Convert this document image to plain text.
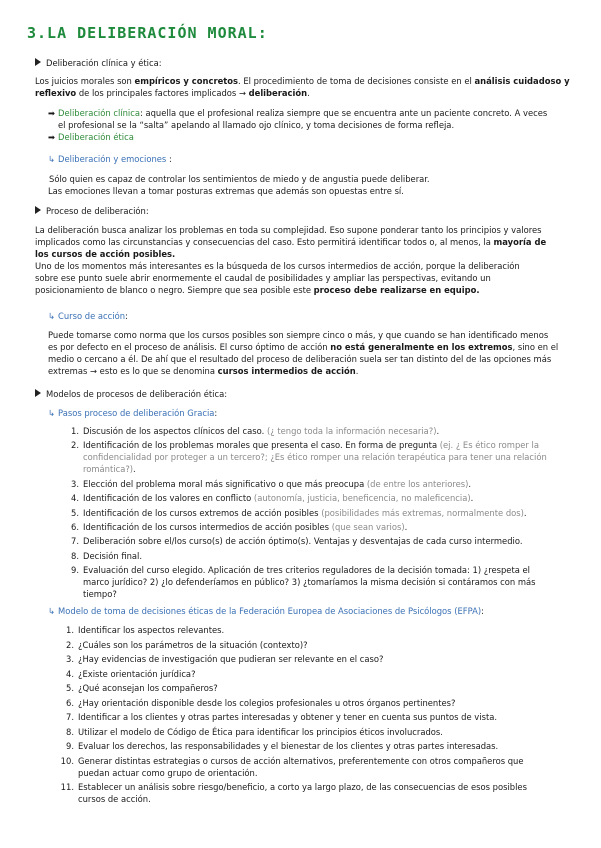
3.LA DELIBERACIÓN MORAL:
Deliberación clínica y ética:
Los juicios morales son empíricos y concretos. El procedimiento de toma de decisiones consiste en el análisis cuidadoso y
reflexivo de los principales factores implicados → deliberación.
➡ Deliberación clínica: aquella que el profesional realiza siempre que se encuentra ante un paciente concreto. A veces
el profesional se la “salta” apelando al llamado ojo clínico, y toma decisiones de forma refleja.
➡ Deliberación ética
↳ Deliberación y emociones :
Sólo quien es capaz de controlar los sentimientos de miedo y de angustia puede deliberar.
Las emociones llevan a tomar posturas extremas que además son opuestas entre sí.
Proceso de deliberación:
La deliberación busca analizar los problemas en toda su complejidad. Eso supone ponderar tanto los principios y valores
implicados como las circunstancias y consecuencias del caso. Esto permitirá identificar todos o, al menos, la mayoría de
los cursos de acción posibles.
Uno de los momentos más interesantes es la búsqueda de los cursos intermedios de acción, porque la deliberación
sobre ese punto suele abrir enormemente el caudal de posibilidades y ampliar las perspectivas, evitando un
posicionamiento de blanco o negro. Siempre que sea posible este proceso debe realizarse en equipo.
↳ Curso de acción:
Puede tomarse como norma que los cursos posibles son siempre cinco o más, y que cuando se han identificado menos
es por defecto en el proceso de análisis. El curso óptimo de acción no está generalmente en los extremos, sino en el
medio o cercano a él. De ahí que el resultado del proceso de deliberación suela ser tan distinto del de las opciones más
extremas → esto es lo que se denomina cursos intermedios de acción.
Modelos de procesos de deliberación ética:
↳ Pasos proceso de deliberación Gracia:
1. Discusión de los aspectos clínicos del caso. (¿ tengo toda la información necesaria?).
2. Identificación de los problemas morales que presenta el caso. En forma de pregunta (ej. ¿ Es ético romper la
confidencialidad por proteger a un tercero?; ¿Es ético romper una relación terapéutica para tener una relación
romántica?).
3. Elección del problema moral más significativo o que más preocupa (de entre los anteriores).
4. Identificación de los valores en conflicto (autonomía, justicia, beneficencia, no maleficencia).
5. Identificación de los cursos extremos de acción posibles (posibilidades más extremas, normalmente dos).
6. Identificación de los cursos intermedios de acción posibles (que sean varios).
7. Deliberación sobre el/los curso(s) de acción óptimo(s). Ventajas y desventajas de cada curso intermedio.
8. Decisión final.
9. Evaluación del curso elegido. Aplicación de tres criterios reguladores de la decisión tomada: 1) ¿respeta el
marco jurídico? 2) ¿lo defenderíamos en público? 3) ¿tomaríamos la misma decisión si contáramos con más
tiempo?
↳ Modelo de toma de decisiones éticas de la Federación Europea de Asociaciones de Psicólogos (EFPA):
1. Identificar los aspectos relevantes.
2. ¿Cuáles son los parámetros de la situación (contexto)?
3. ¿Hay evidencias de investigación que pudieran ser relevante en el caso?
4. ¿Existe orientación jurídica?
5. ¿Qué aconsejan los compañeros?
6. ¿Hay orientación disponible desde los colegios profesionales u otros órganos pertinentes?
7. Identificar a los clientes y otras partes interesadas y obtener y tener en cuenta sus puntos de vista.
8. Utilizar el modelo de Código de Ética para identificar los principios éticos involucrados.
9. Evaluar los derechos, las responsabilidades y el bienestar de los clientes y otras partes interesadas.
10. Generar distintas estrategias o cursos de acción alternativos, preferentemente con otros compañeros que
puedan actuar como grupo de orientación.
11. Establecer un análisis sobre riesgo/beneficio, a corto ya largo plazo, de las consecuencias de esos posibles
cursos de acción.
